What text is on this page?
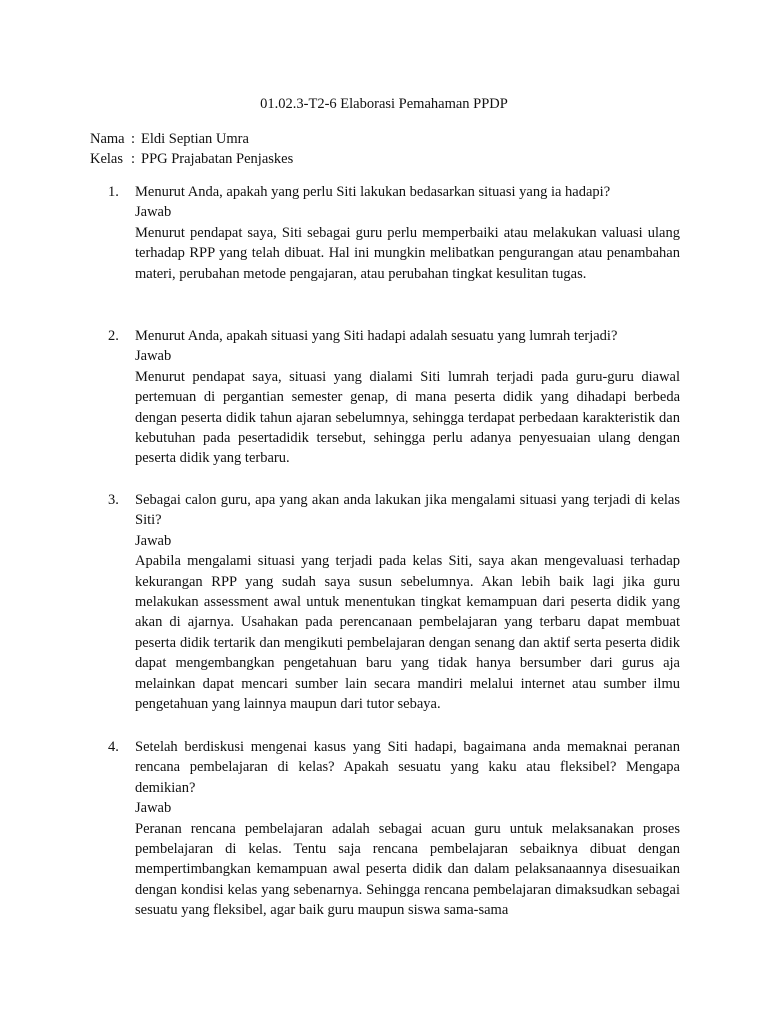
01.02.3-T2-6 Elaborasi Pemahaman PPDP
Nama : Eldi Septian Umra
Kelas : PPG Prajabatan Penjaskes
1.	Menurut Anda, apakah yang perlu Siti lakukan bedasarkan situasi yang ia hadapi?

Jawab

Menurut pendapat saya, Siti sebagai guru perlu memperbaiki atau melakukan valuasi ulang terhadap RPP yang telah dibuat. Hal ini mungkin melibatkan pengurangan atau penambahan materi, perubahan metode pengajaran, atau perubahan tingkat kesulitan tugas.

2.	Menurut Anda, apakah situasi yang Siti hadapi adalah sesuatu yang lumrah terjadi?

Jawab

Menurut pendapat saya, situasi yang dialami Siti lumrah terjadi pada guru-guru diawal pertemuan di pergantian semester genap, di mana peserta didik yang dihadapi berbeda dengan peserta didik tahun ajaran sebelumnya, sehingga terdapat perbedaan karakteristik dan kebutuhan pada pesertadidik tersebut, sehingga perlu adanya penyesuaian ulang dengan peserta didik yang terbaru.

3.	Sebagai calon guru, apa yang akan anda lakukan jika mengalami situasi yang terjadi di kelas Siti?

Jawab

Apabila mengalami situasi yang terjadi pada kelas Siti, saya akan mengevaluasi terhadap kekurangan RPP yang sudah saya susun sebelumnya. Akan lebih baik lagi jika guru melakukan assessment awal untuk menentukan tingkat kemampuan dari peserta didik yang akan di ajarnya. Usahakan pada perencanaan pembelajaran yang terbaru dapat membuat peserta didik tertarik dan mengikuti pembelajaran dengan senang dan aktif serta peserta didik dapat mengembangkan pengetahuan baru yang tidak hanya bersumber dari gurus aja melainkan dapat mencari sumber lain secara mandiri melalui internet atau sumber ilmu pengetahuan yang lainnya maupun dari tutor sebaya.

4.	Setelah berdiskusi mengenai kasus yang Siti hadapi, bagaimana anda memaknai peranan rencana pembelajaran di kelas? Apakah sesuatu yang kaku atau fleksibel? Mengapa demikian?

Jawab

Peranan rencana pembelajaran adalah sebagai acuan guru untuk melaksanakan proses pembelajaran di kelas. Tentu saja rencana pembelajaran sebaiknya dibuat dengan mempertimbangkan kemampuan awal peserta didik dan dalam pelaksanaannya disesuaikan dengan kondisi kelas yang sebenarnya. Sehingga rencana pembelajaran dimaksudkan sebagai sesuatu yang fleksibel, agar baik guru maupun siswa sama-sama
